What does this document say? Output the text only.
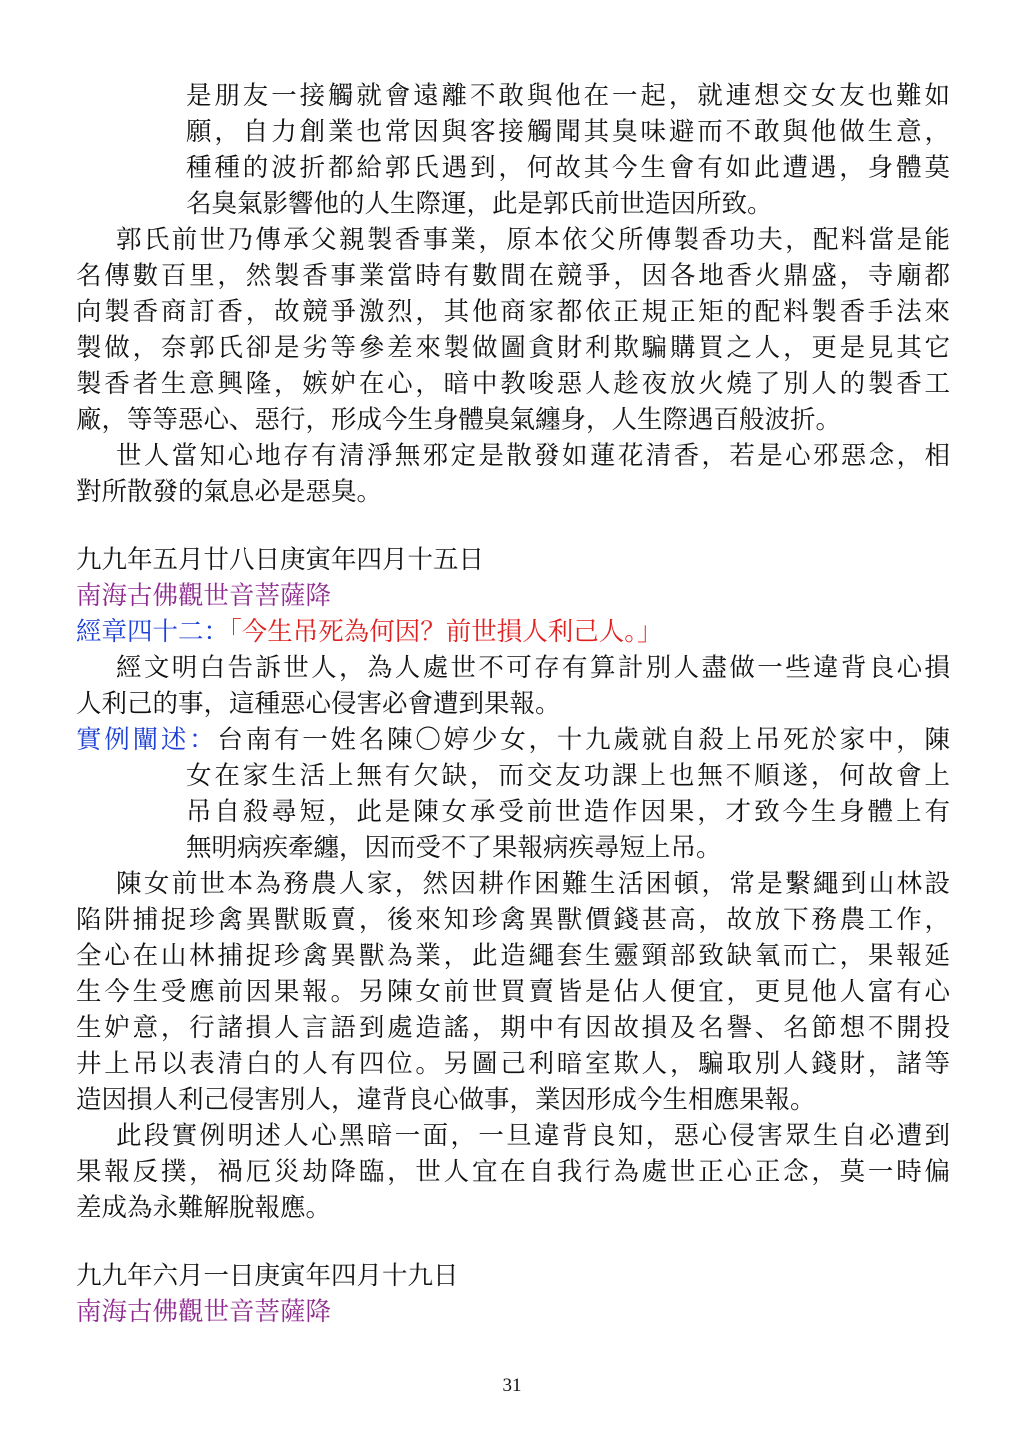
是朋友一接觸就會遠離不敢與他在一起，就連想交女友也難如
願，自力創業也常因與客接觸聞其臭味避而不敢與他做生意，
種種的波折都給郭氏遇到，何故其今生會有如此遭遇，身體莫
名臭氣影響他的人生際運，此是郭氏前世造因所致。
郭氏前世乃傳承父親製香事業，原本依父所傳製香功夫，配料當是能
名傳數百里，然製香事業當時有數間在競爭，因各地香火鼎盛，寺廟都
向製香商訂香，故競爭激烈，其他商家都依正規正矩的配料製香手法來
製做，奈郭氏卻是劣等參差來製做圖貪財利欺騙購買之人，更是見其它
製香者生意興隆，嫉妒在心，暗中教唆惡人趁夜放火燒了別人的製香工
廠，等等惡心、惡行，形成今生身體臭氣纏身，人生際遇百般波折。
世人當知心地存有清淨無邪定是散發如蓮花清香，若是心邪惡念，相
對所散發的氣息必是惡臭。
九九年五月廿八日庚寅年四月十五日
南海古佛觀世音菩薩降
經章四十二：「今生吊死為何因？前世損人利己人。」
經文明白告訴世人，為人處世不可存有算計別人盡做一些違背良心損
人利己的事，這種惡心侵害必會遭到果報。
實例闡述：台南有一姓名陳〇婷少女，十九歲就自殺上吊死於家中，陳
女在家生活上無有欠缺，而交友功課上也無不順遂，何故會上
吊自殺尋短，此是陳女承受前世造作因果，才致今生身體上有
無明病疾牽纏，因而受不了果報病疾尋短上吊。
陳女前世本為務農人家，然因耕作困難生活困頓，常是繫繩到山林設
陷阱捕捉珍禽異獸販賣，後來知珍禽異獸價錢甚高，故放下務農工作，
全心在山林捕捉珍禽異獸為業，此造繩套生靈頸部致缺氧而亡，果報延
生今生受應前因果報。另陳女前世買賣皆是佔人便宜，更見他人富有心
生妒意，行諸損人言語到處造謠，期中有因故損及名譽、名節想不開投
井上吊以表清白的人有四位。另圖己利暗室欺人，騙取別人錢財，諸等
造因損人利己侵害別人，違背良心做事，業因形成今生相應果報。
此段實例明述人心黑暗一面，一旦違背良知，惡心侵害眾生自必遭到
果報反撲，禍厄災劫降臨，世人宜在自我行為處世正心正念，莫一時偏
差成為永難解脫報應。
九九年六月一日庚寅年四月十九日
南海古佛觀世音菩薩降
31
